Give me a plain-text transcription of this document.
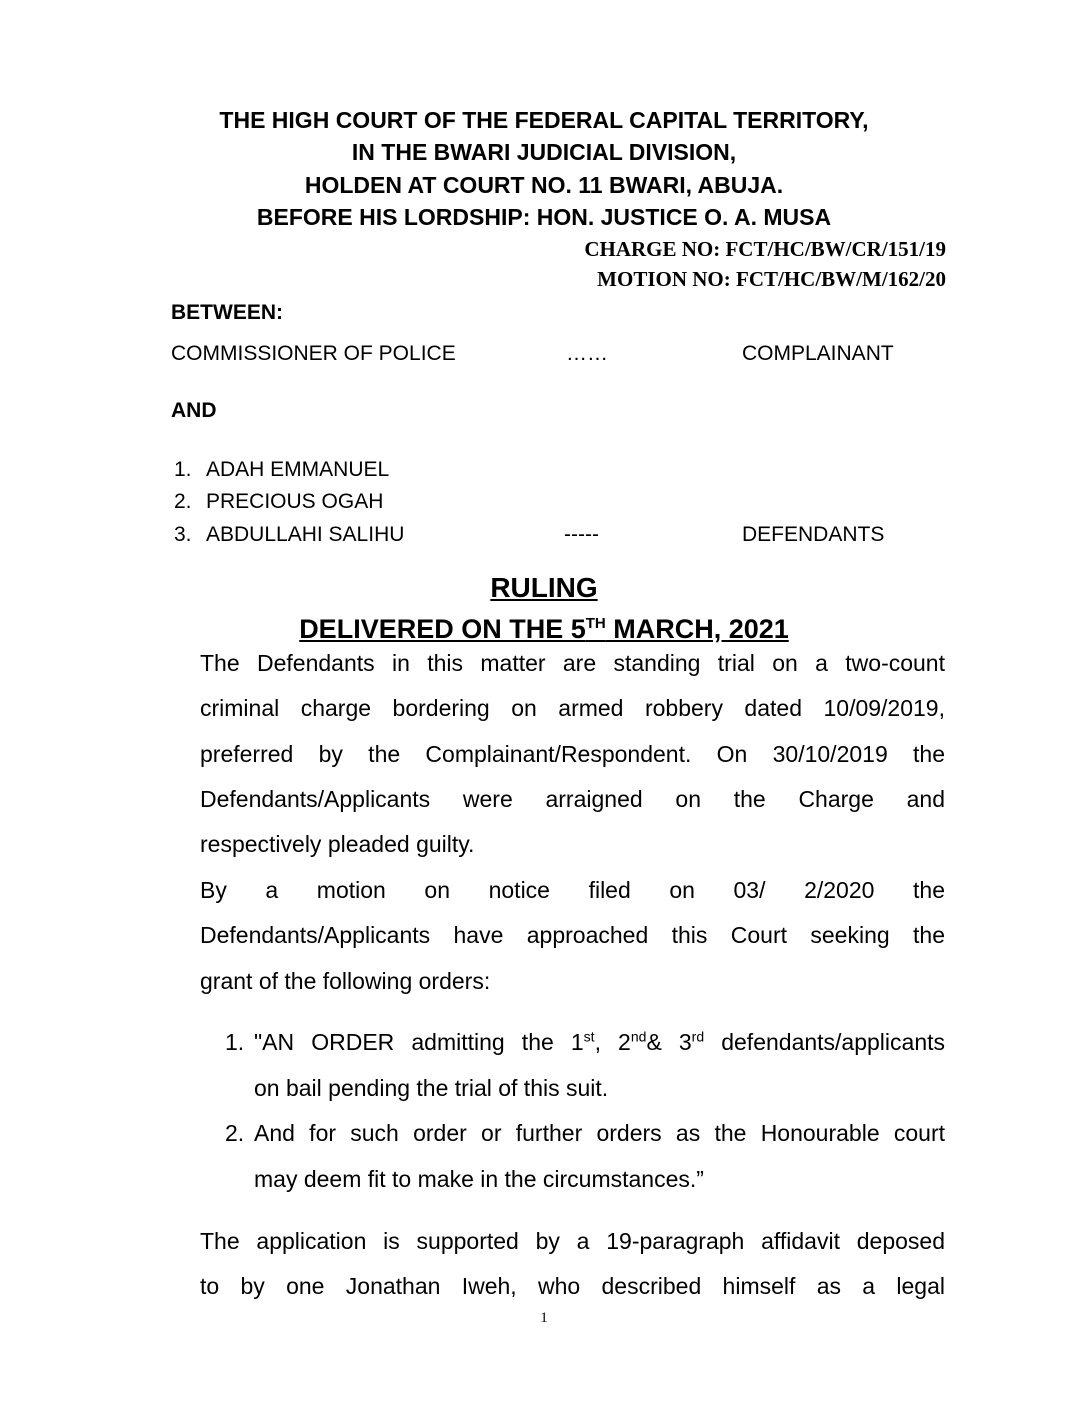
THE HIGH COURT OF THE FEDERAL CAPITAL TERRITORY,
IN THE BWARI JUDICIAL DIVISION,
HOLDEN AT COURT NO. 11 BWARI, ABUJA.
BEFORE HIS LORDSHIP: HON. JUSTICE O. A. MUSA
CHARGE NO: FCT/HC/BW/CR/151/19
MOTION NO: FCT/HC/BW/M/162/20
BETWEEN:
COMMISSIONER OF POLICE	……	COMPLAINANT
AND
1. ADAH EMMANUEL
2. PRECIOUS OGAH
3. ABDULLAHI SALIHU	-----	DEFENDANTS
RULING
DELIVERED ON THE 5TH MARCH, 2021
The Defendants in this matter are standing trial on a two-count
criminal charge bordering on armed robbery dated 10/09/2019,
preferred by the Complainant/Respondent. On 30/10/2019 the
Defendants/Applicants were arraigned on the Charge and
respectively pleaded guilty.
By a motion on notice filed on 03/ 2/2020 the
Defendants/Applicants have approached this Court seeking the
grant of the following orders:
1. "AN ORDER admitting the 1st, 2nd& 3rd defendants/applicants
on bail pending the trial of this suit.
2. And for such order or further orders as the Honourable court
may deem fit to make in the circumstances.”
The application is supported by a 19-paragraph affidavit deposed
to by one Jonathan Iweh, who described himself as a legal
1
